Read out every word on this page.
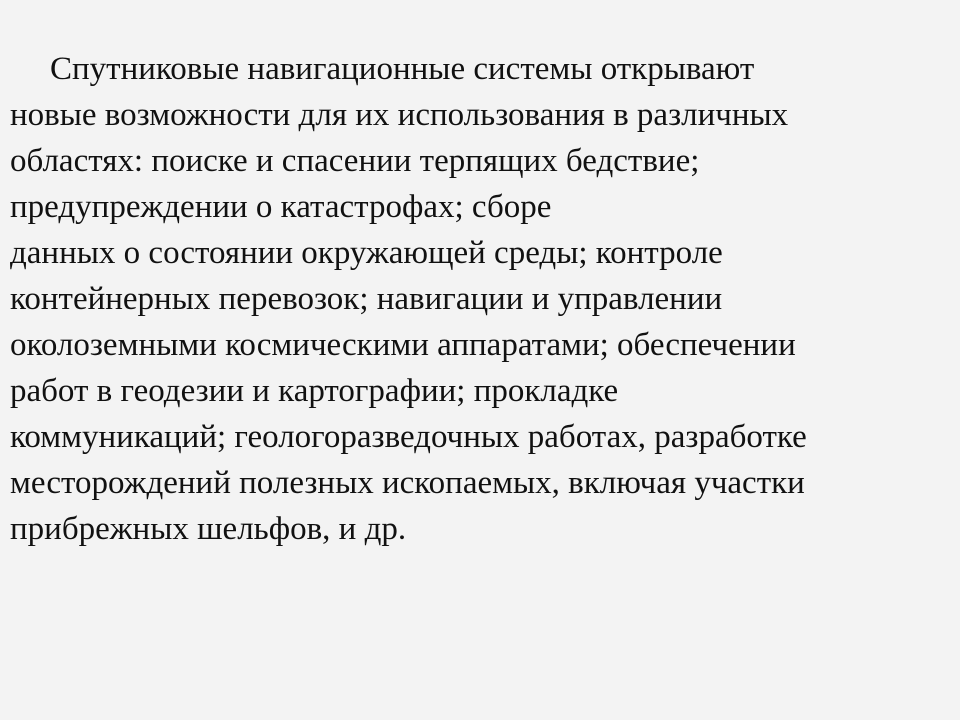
Спутниковые навигационные системы открывают
новые возможности для их использования в различных
областях: поиске и спасении терпящих бедствие;
предупреждении о катастрофах; сборе
данных о состоянии окружающей среды; контроле
контейнерных перевозок; навигации и управлении
околоземными космическими аппаратами; обеспечении
работ в геодезии и картографии; прокладке
коммуникаций; геологоразведочных работах, разработке
месторождений полезных ископаемых, включая участки
прибрежных шельфов, и др.
